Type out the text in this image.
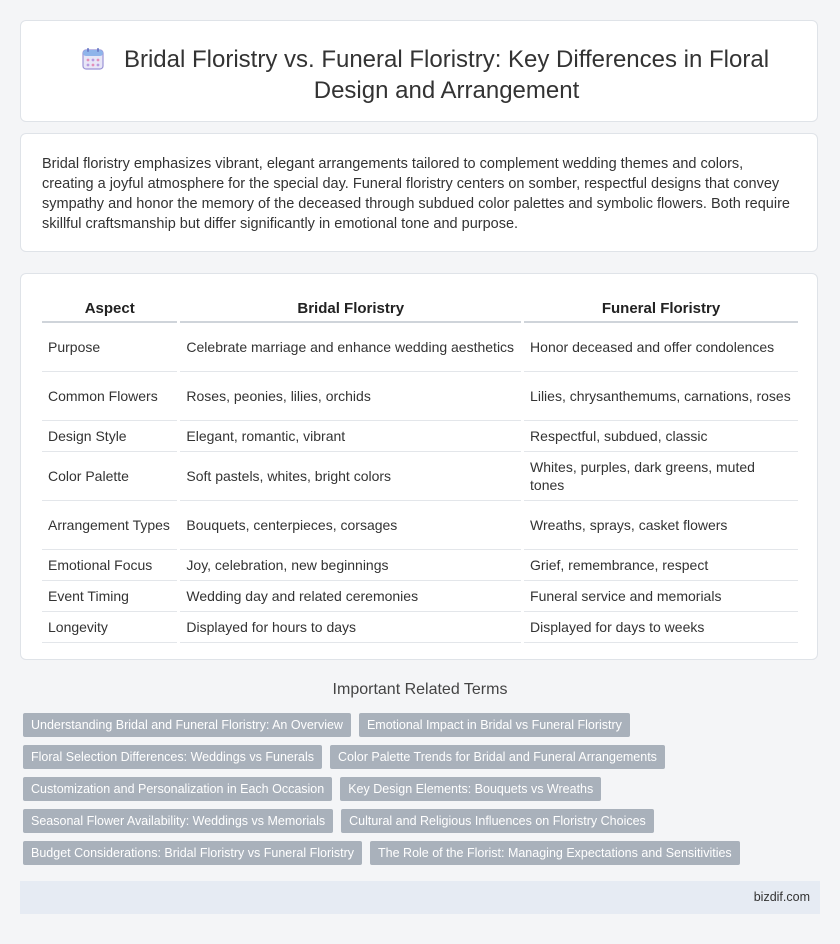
Bridal Floristry vs. Funeral Floristry: Key Differences in Floral Design and Arrangement

Bridal floristry emphasizes vibrant, elegant arrangements tailored to complement wedding themes and colors, creating a joyful atmosphere for the special day. Funeral floristry centers on somber, respectful designs that convey sympathy and honor the memory of the deceased through subdued color palettes and symbolic flowers. Both require skillful craftsmanship but differ significantly in emotional tone and purpose.

Aspect	Bridal Floristry	Funeral Floristry
Purpose	Celebrate marriage and enhance wedding aesthetics	Honor deceased and offer condolences
Common Flowers	Roses, peonies, lilies, orchids	Lilies, chrysanthemums, carnations, roses
Design Style	Elegant, romantic, vibrant	Respectful, subdued, classic
Color Palette	Soft pastels, whites, bright colors	Whites, purples, dark greens, muted tones
Arrangement Types	Bouquets, centerpieces, corsages	Wreaths, sprays, casket flowers
Emotional Focus	Joy, celebration, new beginnings	Grief, remembrance, respect
Event Timing	Wedding day and related ceremonies	Funeral service and memorials
Longevity	Displayed for hours to days	Displayed for days to weeks
Important Related Terms
Understanding Bridal and Funeral Floristry: An Overview	Emotional Impact in Bridal vs Funeral Floristry
Floral Selection Differences: Weddings vs Funerals	Color Palette Trends for Bridal and Funeral Arrangements
Customization and Personalization in Each Occasion	Key Design Elements: Bouquets vs Wreaths
Seasonal Flower Availability: Weddings vs Memorials	Cultural and Religious Influences on Floristry Choices
Budget Considerations: Bridal Floristry vs Funeral Floristry	The Role of the Florist: Managing Expectations and Sensitivities
bizdif.com
